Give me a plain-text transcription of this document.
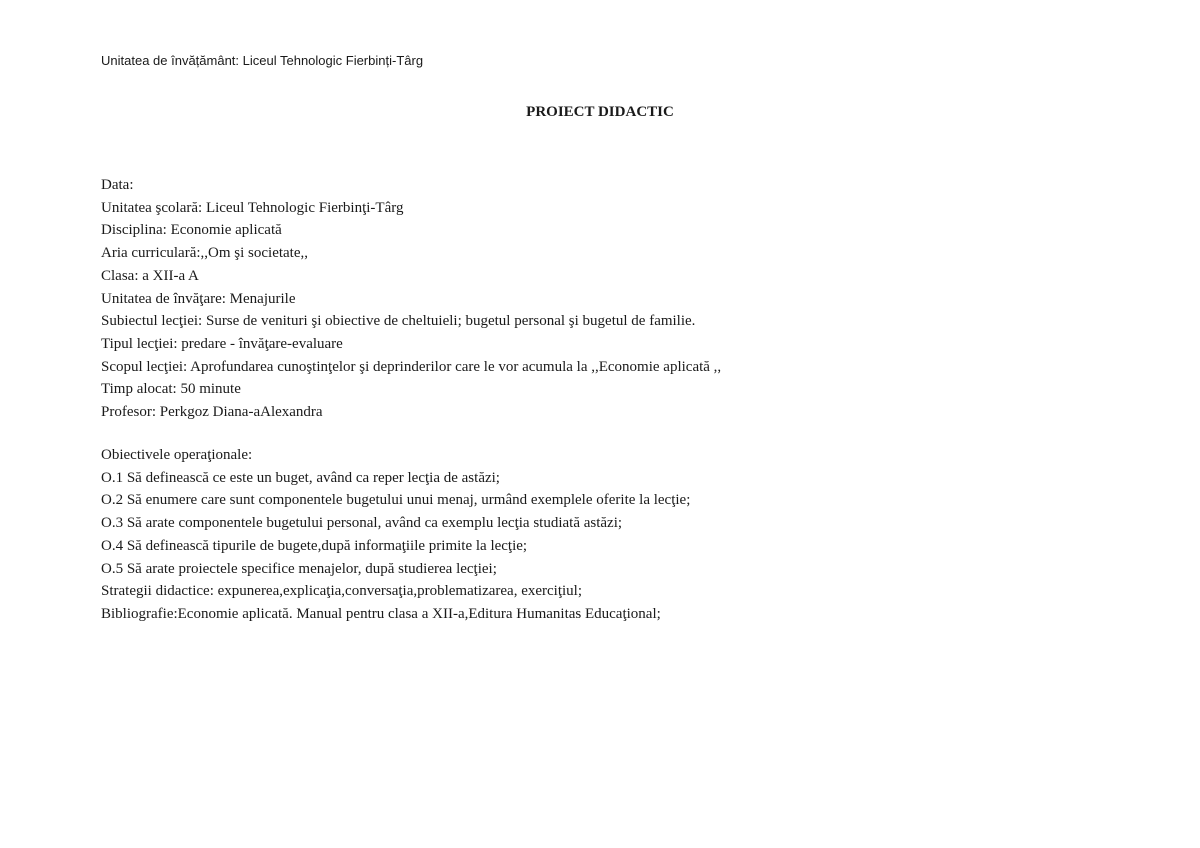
Unitatea de învățământ: Liceul Tehnologic Fierbinți-Târg
PROIECT DIDACTIC
Data:
Unitatea şcolară: Liceul Tehnologic Fierbinţi-Târg
Disciplina: Economie aplicată
Aria curriculară:,,Om şi societate,,
Clasa: a XII-a A
Unitatea de învăţare: Menajurile
Subiectul lecţiei: Surse de venituri şi obiective de cheltuieli; bugetul personal şi bugetul de familie.
Tipul lecţiei: predare - învăţare-evaluare
Scopul lecţiei: Aprofundarea cunoştinţelor şi deprinderilor care le vor acumula la ,,Economie aplicată ,,
Timp alocat: 50 minute
Profesor: Perkgoz Diana-aAlexandra
Obiectivele operaţionale:
O.1 Să definească ce este un buget, având ca reper lecţia de astăzi;
O.2 Să enumere care sunt componentele bugetului unui menaj, urmând exemplele oferite la lecţie;
O.3 Să arate componentele bugetului personal, având ca exemplu lecţia studiată astăzi;
O.4 Să definească tipurile de bugete,după informaţiile primite la lecţie;
O.5 Să arate proiectele specifice menajelor, după studierea lecţiei;
Strategii didactice: expunerea,explicaţia,conversaţia,problematizarea, exerciţiul;
Bibliografie:Economie aplicată. Manual pentru clasa a XII-a,Editura Humanitas Educaţional;
